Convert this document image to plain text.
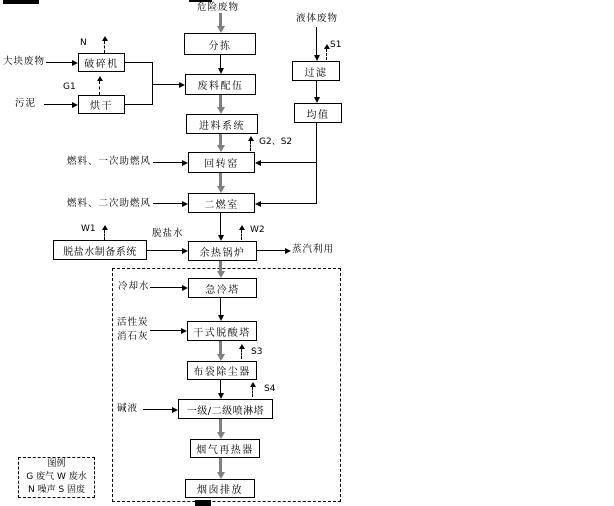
危险废物
液体废物
大块废物
污泥
燃料、一次助燃风
燃料、二次助燃风
脱盐水
蒸汽利用
冷却水
活性炭
消石灰
碱液
N
G1
S1
G2、S2
W1	W2
S3
S4
分拣
废料配伍
进料系统
回转窑
二燃室
余热锅炉
急冷塔
干式脱酸塔
布袋除尘器
一级/二级喷淋塔
烟气再热器
烟囱排放
破碎机
烘干
脱盐水制备系统
过滤
均值
图例
G 废气 W 废水
N 噪声 S 固废
